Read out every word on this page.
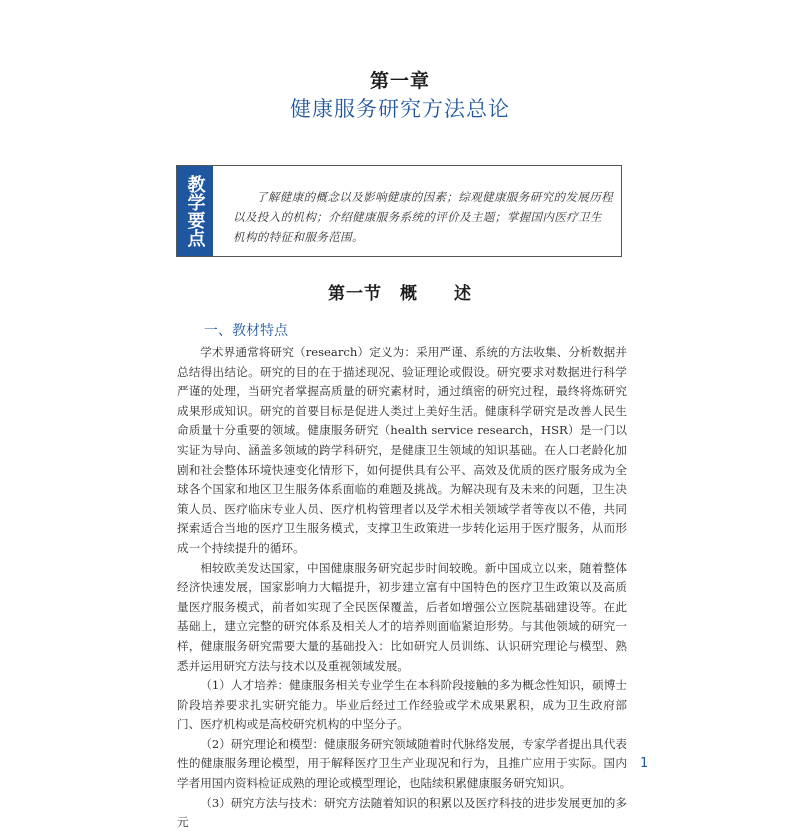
第一章
健康服务研究方法总论
教学要点	了解健康的概念以及影响健康的因素；综观健康服务研究的发展历程以及投入的机构；介绍健康服务系统的评价及主题；掌握国内医疗卫生机构的特征和服务范围。
第一节　概　　述
一、教材特点

学术界通常将研究（research）定义为：采用严谨、系统的方法收集、分析数据并总结得出结论。研究的目的在于描述现况、验证理论或假设。研究要求对数据进行科学严谨的处理，当研究者掌握高质量的研究素材时，通过缜密的研究过程，最终将炼研究成果形成知识。研究的首要目标是促进人类过上美好生活。健康科学研究是改善人民生命质量十分重要的领域。健康服务研究（health service research，HSR）是一门以实证为导向、涵盖多领域的跨学科研究，是健康卫生领域的知识基础。在人口老龄化加剧和社会整体环境快速变化情形下，如何提供具有公平、高效及优质的医疗服务成为全球各个国家和地区卫生服务体系面临的难题及挑战。为解决现有及未来的问题，卫生决策人员、医疗临床专业人员、医疗机构管理者以及学术相关领域学者等夜以不倦，共同探索适合当地的医疗卫生服务模式，支撑卫生政策进一步转化运用于医疗服务，从而形成一个持续提升的循环。

相较欧美发达国家，中国健康服务研究起步时间较晚。新中国成立以来，随着整体经济快速发展，国家影响力大幅提升，初步建立富有中国特色的医疗卫生政策以及高质量医疗服务模式，前者如实现了全民医保覆盖，后者如增强公立医院基础建设等。在此基础上，建立完整的研究体系及相关人才的培养则面临紧迫形势。与其他领域的研究一样，健康服务研究需要大量的基础投入：比如研究人员训练、认识研究理论与模型、熟悉并运用研究方法与技术以及重视领域发展。

（1）人才培养：健康服务相关专业学生在本科阶段接触的多为概念性知识，硕博士阶段培养要求扎实研究能力。毕业后经过工作经验或学术成果累积，成为卫生政府部门、医疗机构或是高校研究机构的中坚分子。

（2）研究理论和模型：健康服务研究领域随着时代脉络发展，专家学者提出具代表性的健康服务理论模型，用于解释医疗卫生产业现况和行为，且推广应用于实际。国内学者用国内资料检证成熟的理论或模型理论，也陆续积累健康服务研究知识。

（3）研究方法与技术：研究方法随着知识的积累以及医疗科技的进步发展更加的多元

1
